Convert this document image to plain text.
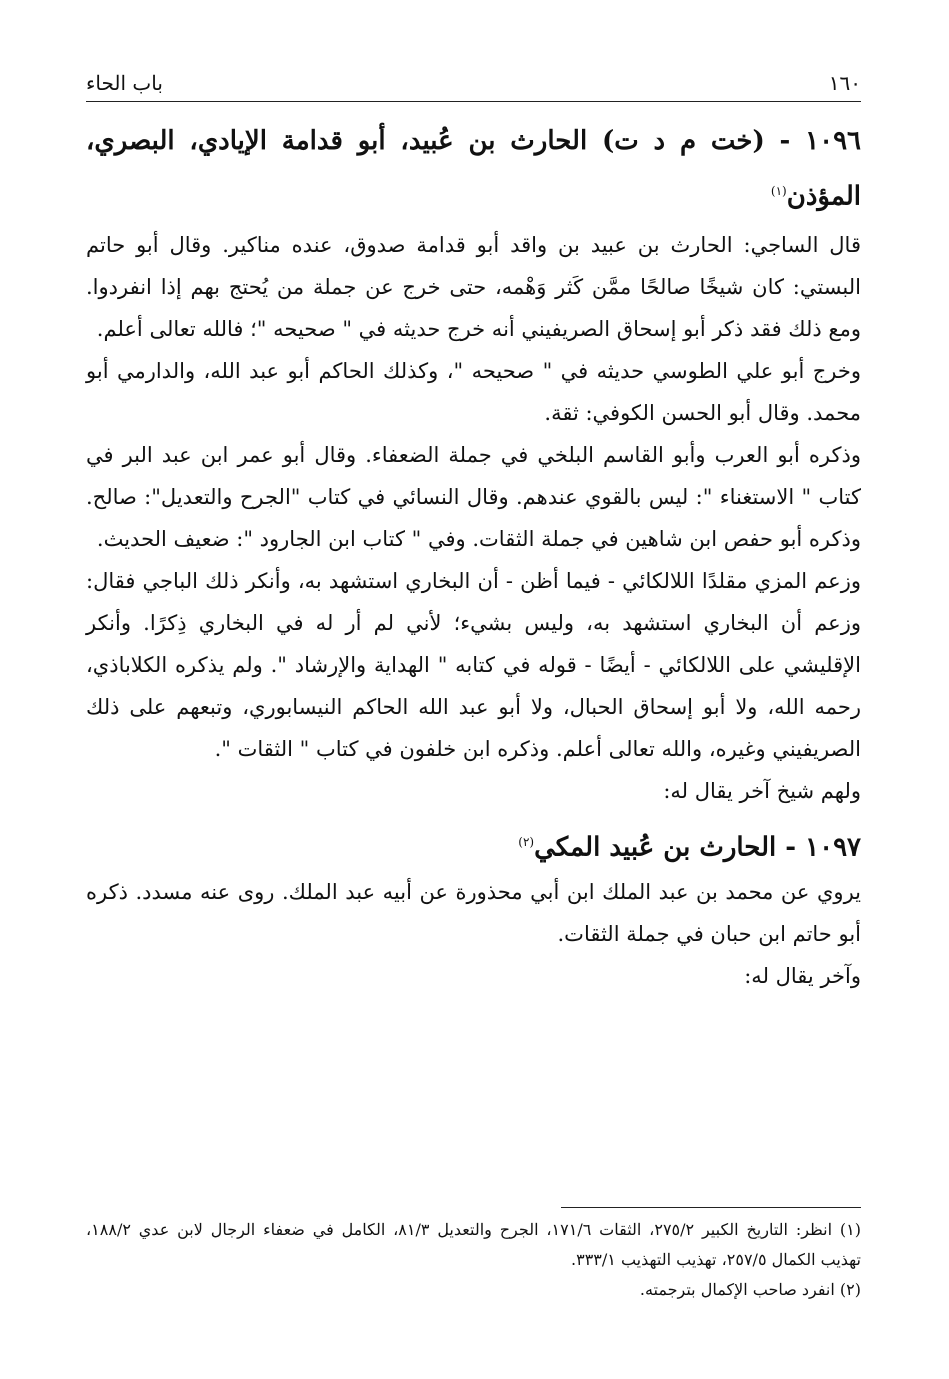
١٦٠
باب الحاء
١٠٩٦ - (خت م د ت) الحارث بن عُبيد، أبو قدامة الإيادي، البصري، المؤذن$^{(١)}$

قال الساجي: الحارث بن عبيد بن واقد أبو قدامة صدوق، عنده مناكير. وقال أبو حاتم البستي: كان شيخًا صالحًا ممَّن كَثر وَهْمه، حتى خرج عن جملة من يُحتج بهم إذا انفردوا. ومع ذلك فقد ذكر أبو إسحاق الصريفيني أنه خرج حديثه في " صحيحه "؛ فالله تعالى أعلم.

وخرج أبو علي الطوسي حديثه في " صحيحه "، وكذلك الحاكم أبو عبد الله، والدارمي أبو محمد. وقال أبو الحسن الكوفي: ثقة.

وذكره أبو العرب وأبو القاسم البلخي في جملة الضعفاء. وقال أبو عمر ابن عبد البر في كتاب " الاستغناء ": ليس بالقوي عندهم. وقال النسائي في كتاب "الجرح والتعديل": صالح. وذكره أبو حفص ابن شاهين في جملة الثقات. وفي " كتاب ابن الجارود ": ضعيف الحديث.

وزعم المزي مقلدًا اللالكائي - فيما أظن - أن البخاري استشهد به، وأنكر ذلك الباجي فقال: وزعم أن البخاري استشهد به، وليس بشيء؛ لأني لم أر له في البخاري ذِكرًا. وأنكر الإقليشي على اللالكائي - أيضًا - قوله في كتابه " الهداية والإرشاد ". ولم يذكره الكلاباذي، رحمه الله، ولا أبو إسحاق الحبال، ولا أبو عبد الله الحاكم النيسابوري، وتبعهم على ذلك الصريفيني وغيره، والله تعالى أعلم. وذكره ابن خلفون في كتاب " الثقات ".

ولهم شيخ آخر يقال له:

١٠٩٧ - الحارث بن عُبيد المكي$^{(٢)}$

يروي عن محمد بن عبد الملك ابن أبي محذورة عن أبيه عبد الملك. روى عنه مسدد. ذكره أبو حاتم ابن حبان في جملة الثقات.

وآخر يقال له:

(١) انظر: التاريخ الكبير ٢٧٥/٢، الثقات ١٧١/٦، الجرح والتعديل ٨١/٣، الكامل في ضعفاء الرجال لابن عدي ١٨٨/٢، تهذيب الكمال ٢٥٧/٥، تهذيب التهذيب ٣٣٣/١.

(٢) انفرد صاحب الإكمال بترجمته.
